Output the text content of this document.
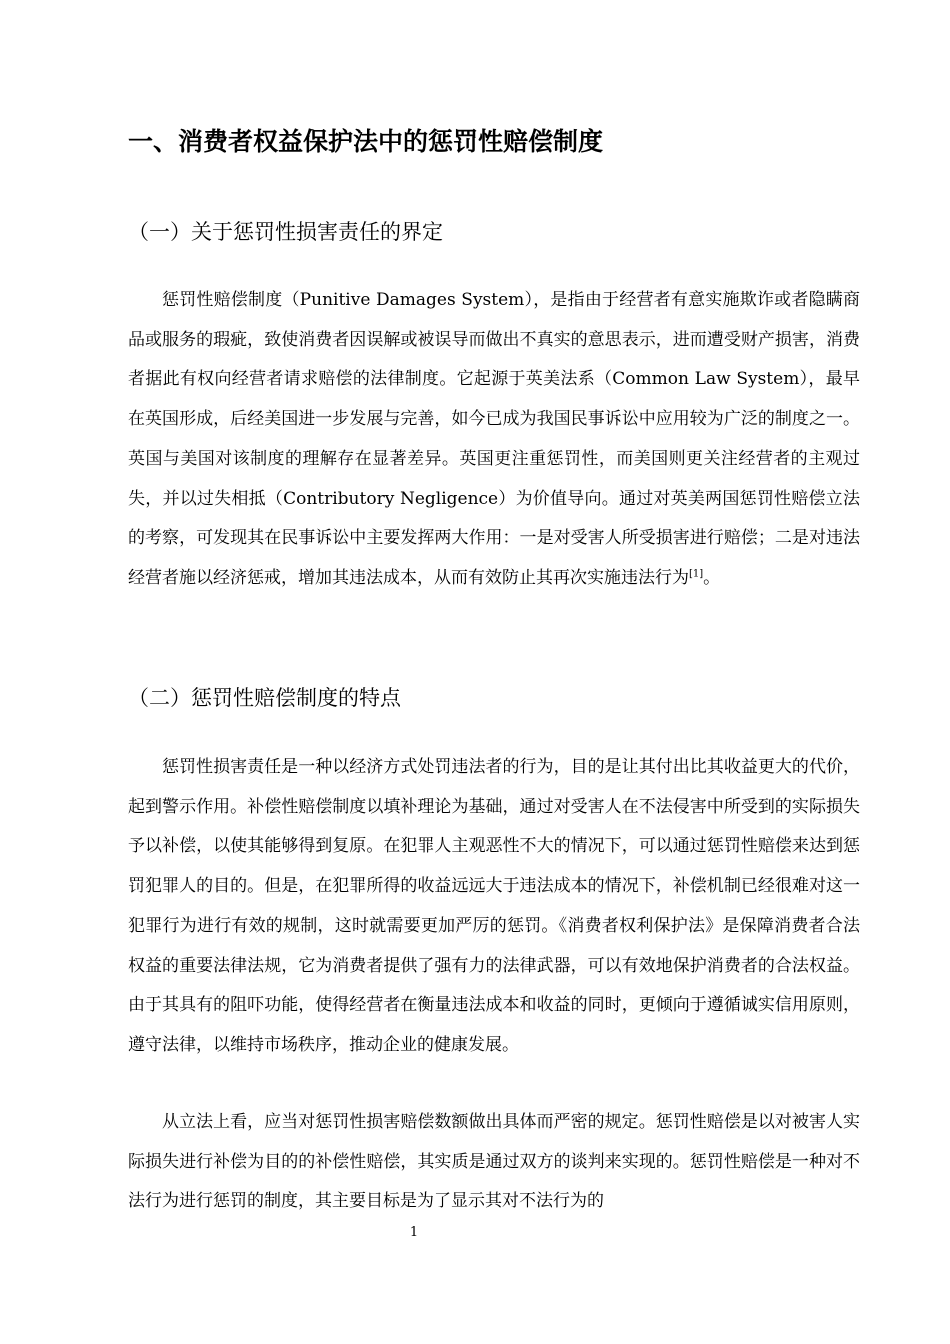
一、消费者权益保护法中的惩罚性赔偿制度
（一）关于惩罚性损害责任的界定

惩罚性赔偿制度（Punitive Damages System），是指由于经营者有意实施欺诈或者隐瞒商品或服务的瑕疵，致使消费者因误解或被误导而做出不真实的意思表示，进而遭受财产损害，消费者据此有权向经营者请求赔偿的法律制度。它起源于英美法系（Common Law System），最早在英国形成，后经美国进一步发展与完善，如今已成为我国民事诉讼中应用较为广泛的制度之一。英国与美国对该制度的理解存在显著差异。英国更注重惩罚性，而美国则更关注经营者的主观过失，并以过失相抵（Contributory Negligence）为价值导向。通过对英美两国惩罚性赔偿立法的考察，可发现其在民事诉讼中主要发挥两大作用：一是对受害人所受损害进行赔偿；二是对违法经营者施以经济惩戒，增加其违法成本，从而有效防止其再次实施违法行为[1]。

（二）惩罚性赔偿制度的特点

惩罚性损害责任是一种以经济方式处罚违法者的行为，目的是让其付出比其收益更大的代价，起到警示作用。补偿性赔偿制度以填补理论为基础，通过对受害人在不法侵害中所受到的实际损失予以补偿，以使其能够得到复原。在犯罪人主观恶性不大的情况下，可以通过惩罚性赔偿来达到惩罚犯罪人的目的。但是，在犯罪所得的收益远远大于违法成本的情况下，补偿机制已经很难对这一犯罪行为进行有效的规制，这时就需要更加严厉的惩罚。《消费者权利保护法》是保障消费者合法权益的重要法律法规，它为消费者提供了强有力的法律武器，可以有效地保护消费者的合法权益。由于其具有的阻吓功能，使得经营者在衡量违法成本和收益的同时，更倾向于遵循诚实信用原则，遵守法律，以维持市场秩序，推动企业的健康发展。

从立法上看，应当对惩罚性损害赔偿数额做出具体而严密的规定。惩罚性赔偿是以对被害人实际损失进行补偿为目的的补偿性赔偿，其实质是通过双方的谈判来实现的。惩罚性赔偿是一种对不法行为进行惩罚的制度，其主要目标是为了显示其对不法行为的

1
